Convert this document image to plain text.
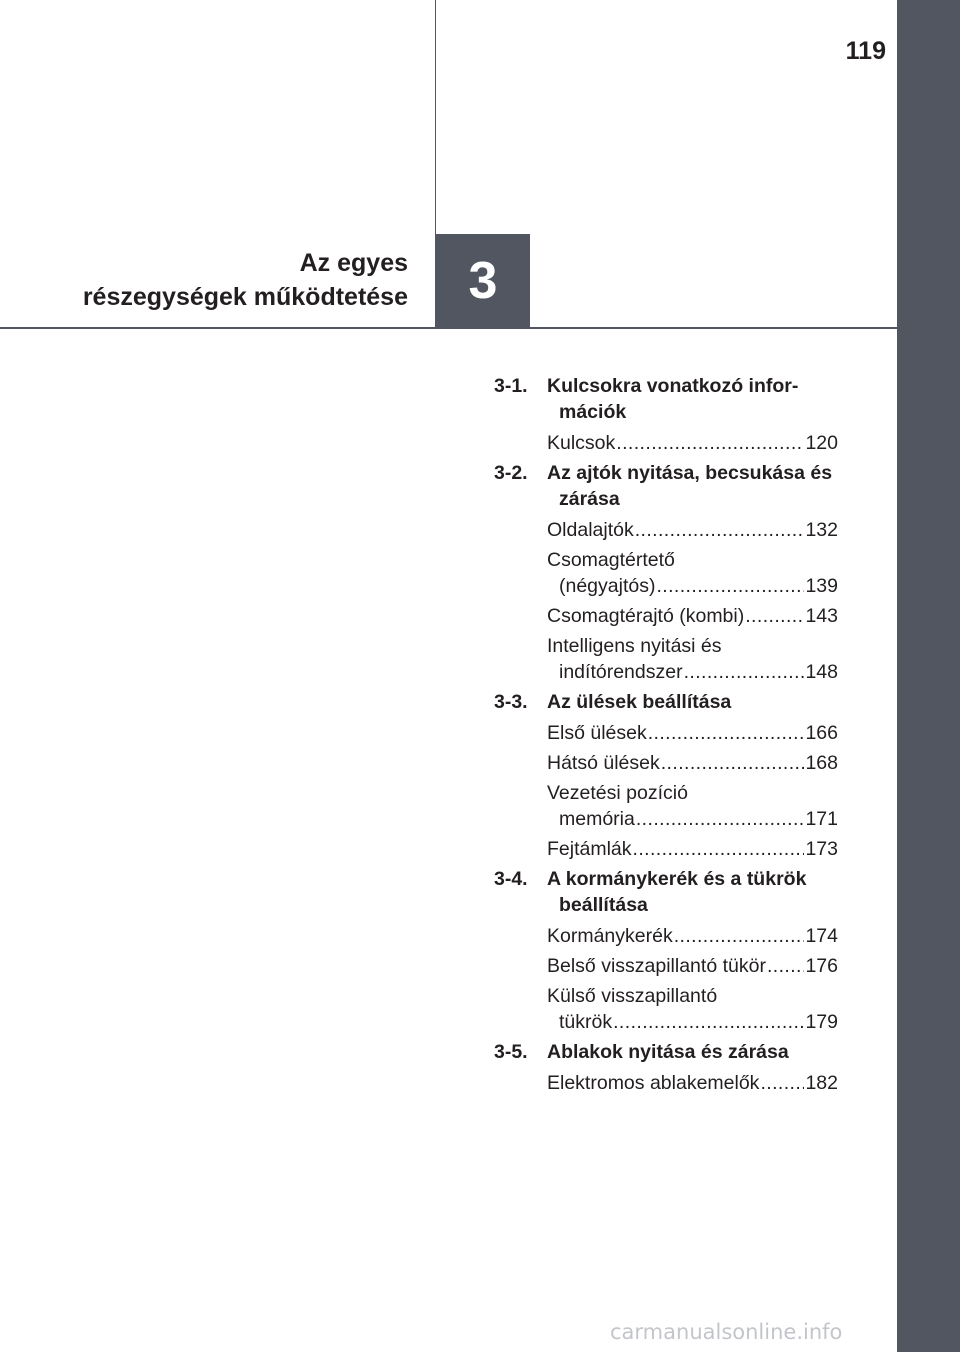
119
Az egyes
részegységek működtetése 3
3-1. Kulcsokra vonatkozó infor- mációk
Kulcsok .....	120
3-2. Az ajtók nyitása, becsukása és zárása
Oldalajtók .....	132
Csomagtértető
(négyajtós) .....	139
Csomagtérajtó (kombi) .....	143
Intelligens nyitási és
indítórendszer .....	148
3-3. Az ülések beállítása
Első ülések .....	166
Hátsó ülések .....	168
Vezetési pozíció
memória .....	171
Fejtámlák .....	173
3-4. A kormánykerék és a tükrök beállítása
Kormánykerék .....	174
Belső visszapillantó tükör ..... 176
Külső visszapillantó
tükrök .....	179
3-5. Ablakok nyitása és zárása
Elektromos ablakemelők ..... 182
carmanualsonline.info
